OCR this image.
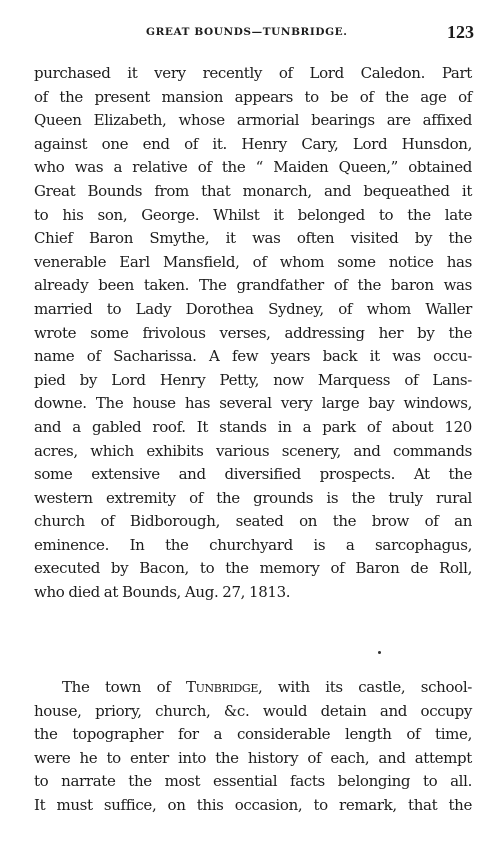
GREAT BOUNDS—TUNBRIDGE.	123
purchased it very recently of Lord Caledon. Part
of the present mansion appears to be of the age of
Queen Elizabeth, whose armorial bearings are affixed
against one end of it. Henry Cary, Lord Hunsdon,
who was a relative of the “ Maiden Queen,” obtained
Great Bounds from that monarch, and bequeathed it
to his son, George. Whilst it belonged to the late
Chief Baron Smythe, it was often visited by the
venerable Earl Mansfield, of whom some notice has
already been taken. The grandfather of the baron was
married to Lady Dorothea Sydney, of whom Waller
wrote some frivolous verses, addressing her by the
name of Sacharissa. A few years back it was occu-
pied by Lord Henry Petty, now Marquess of Lans-
downe. The house has several very large bay windows,
and a gabled roof. It stands in a park of about 120
acres, which exhibits various scenery, and commands
some extensive and diversified prospects. At the
western extremity of the grounds is the truly rural
church of Bidborough, seated on the brow of an
eminence. In the churchyard is a sarcophagus,
executed by Bacon, to the memory of Baron de Roll,
who died at Bounds, Aug. 27, 1813.
The town of Tunbridge, with its castle, school-
house, priory, church, &c. would detain and occupy
the topographer for a considerable length of time,
were he to enter into the history of each, and attempt
to narrate the most essential facts belonging to all.
It must suffice, on this occasion, to remark, that the
